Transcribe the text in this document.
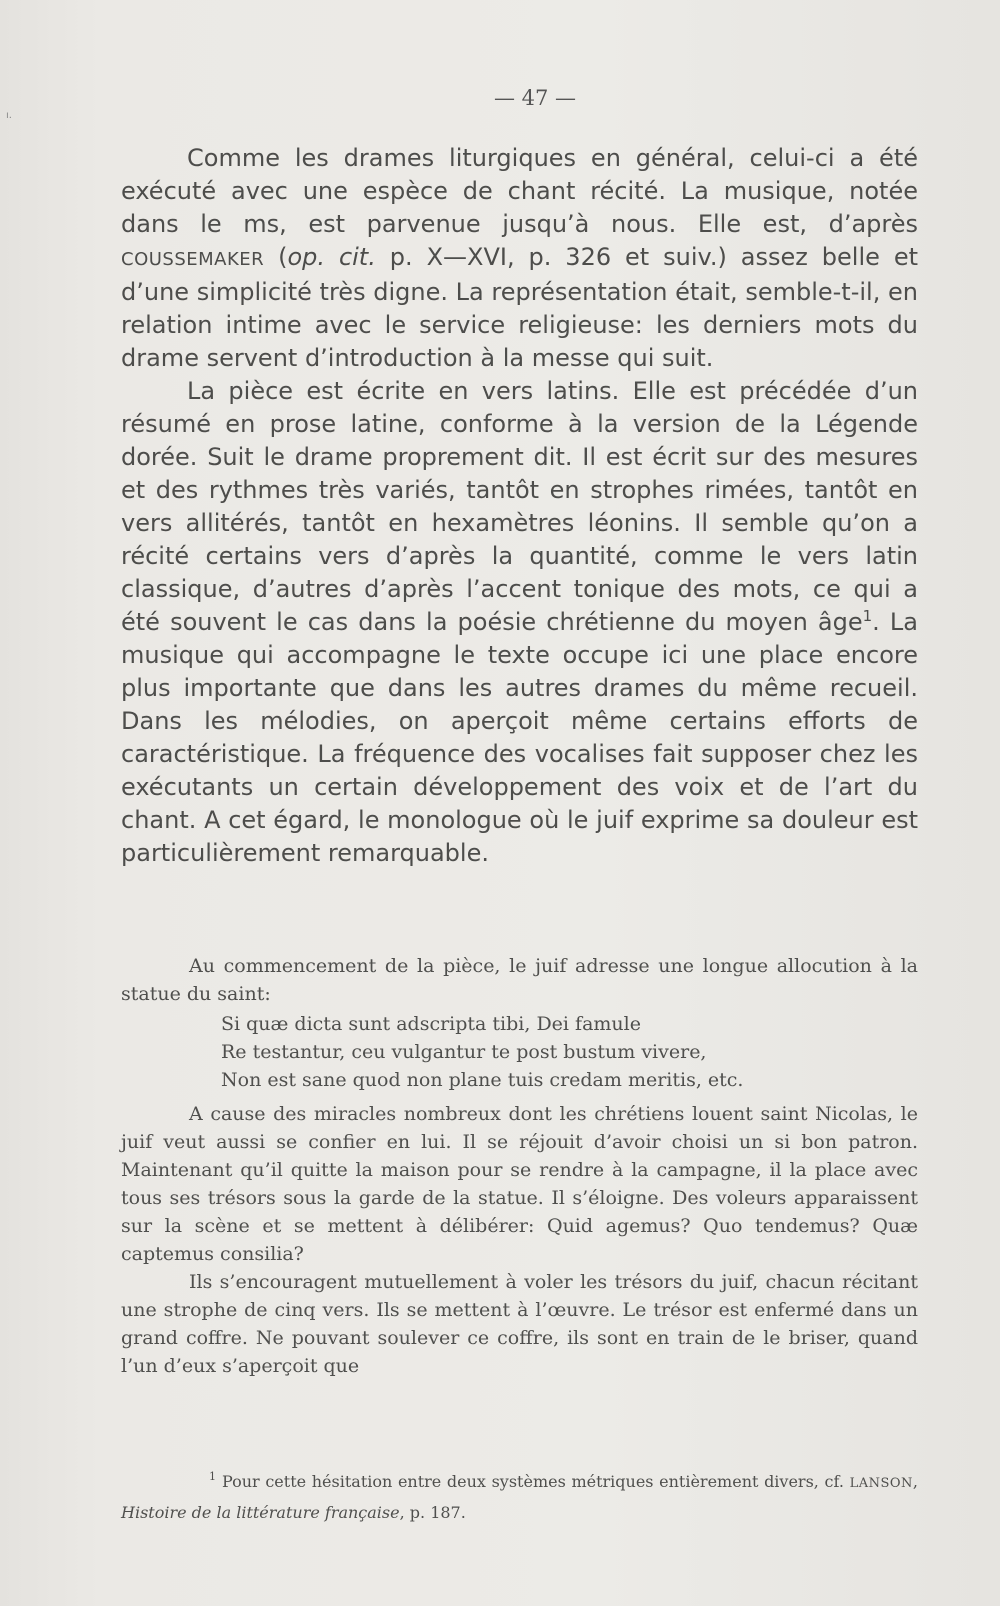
ı.
— 47 —

Comme les drames liturgiques en général, celui-ci a été exécuté avec une espèce de chant récité. La musique, notée dans le ms, est parvenue jusqu’à nous. Elle est, d’après COUSSEMAKER (op. cit. p. X—XVI, p. 326 et suiv.) assez belle et d’une simplicité très digne. La représentation était, semble-t-il, en relation intime avec le service religieuse: les derniers mots du drame servent d’introduction à la messe qui suit.

La pièce est écrite en vers latins. Elle est précédée d’un résumé en prose latine, conforme à la version de la Légende dorée. Suit le drame proprement dit. Il est écrit sur des mesures et des rythmes très variés, tantôt en strophes rimées, tantôt en vers allitérés, tantôt en hexamètres léonins. Il semble qu’on a récité certains vers d’après la quantité, comme le vers latin classique, d’autres d’après l’accent tonique des mots, ce qui a été souvent le cas dans la poésie chrétienne du moyen âge$^1$. La musique qui accompagne le texte occupe ici une place encore plus importante que dans les autres drames du même recueil. Dans les mélodies, on aperçoit même certains efforts de caractéristique. La fréquence des vocalises fait supposer chez les exécutants un certain développement des voix et de l’art du chant. A cet égard, le monologue où le juif exprime sa douleur est particulièrement remarquable.

Au commencement de la pièce, le juif adresse une longue allocution à la statue du saint:

Si quæ dicta sunt adscripta tibi, Dei famule
Re testantur, ceu vulgantur te post bustum vivere,
Non est sane quod non plane tuis credam meritis, etc.

A cause des miracles nombreux dont les chrétiens louent saint Nicolas, le juif veut aussi se confier en lui. Il se réjouit d’avoir choisi un si bon patron. Maintenant qu’il quitte la maison pour se rendre à la campagne, il la place avec tous ses trésors sous la garde de la statue. Il s’éloigne. Des voleurs apparaissent sur la scène et se mettent à délibérer: Quid agemus? Quo tendemus? Quæ captemus consilia?

Ils s’encouragent mutuellement à voler les trésors du juif, chacun récitant une strophe de cinq vers. Ils se mettent à l’œuvre. Le trésor est enfermé dans un grand coffre. Ne pouvant soulever ce coffre, ils sont en train de le briser, quand l’un d’eux s’aperçoit que

$^1$ Pour cette hésitation entre deux systèmes métriques entièrement divers, cf. LANSON, Histoire de la littérature française, p. 187.
